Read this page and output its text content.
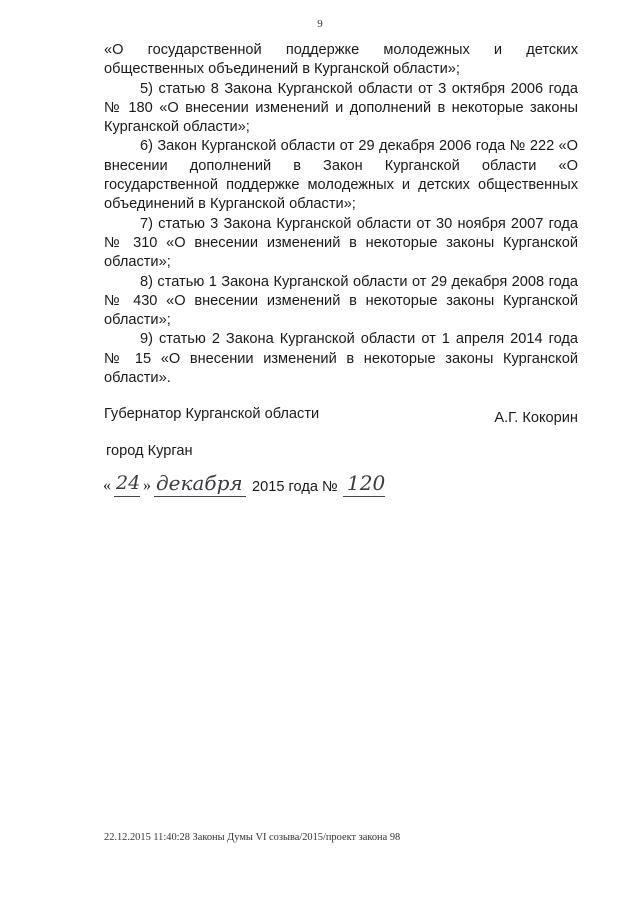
9

«О государственной поддержке молодежных и детских общественных объединений в Курганской области»;

5) статью 8 Закона Курганской области от 3 октября 2006 года № 180 «О внесении изменений и дополнений в некоторые законы Курганской области»;

6) Закон Курганской области от 29 декабря 2006 года № 222 «О внесении дополнений в Закон Курганской области «О государственной поддержке молодежных и детских общественных объединений в Курганской области»;

7) статью 3 Закона Курганской области от 30 ноября 2007 года № 310 «О внесении изменений в некоторые законы Курганской области»;

8) статью 1 Закона Курганской области от 29 декабря 2008 года № 430 «О внесении изменений в некоторые законы Курганской области»;

9) статью 2 Закона Курганской области от 1 апреля 2014 года № 15 «О внесении изменений в некоторые законы Курганской области».

Губернатор Курганской области	А.Г. Кокорин
город Курган
« 24 » декабря 2015 года № 120
22.12.2015 11:40:28 Законы Думы VI созыва/2015/проект закона 98
